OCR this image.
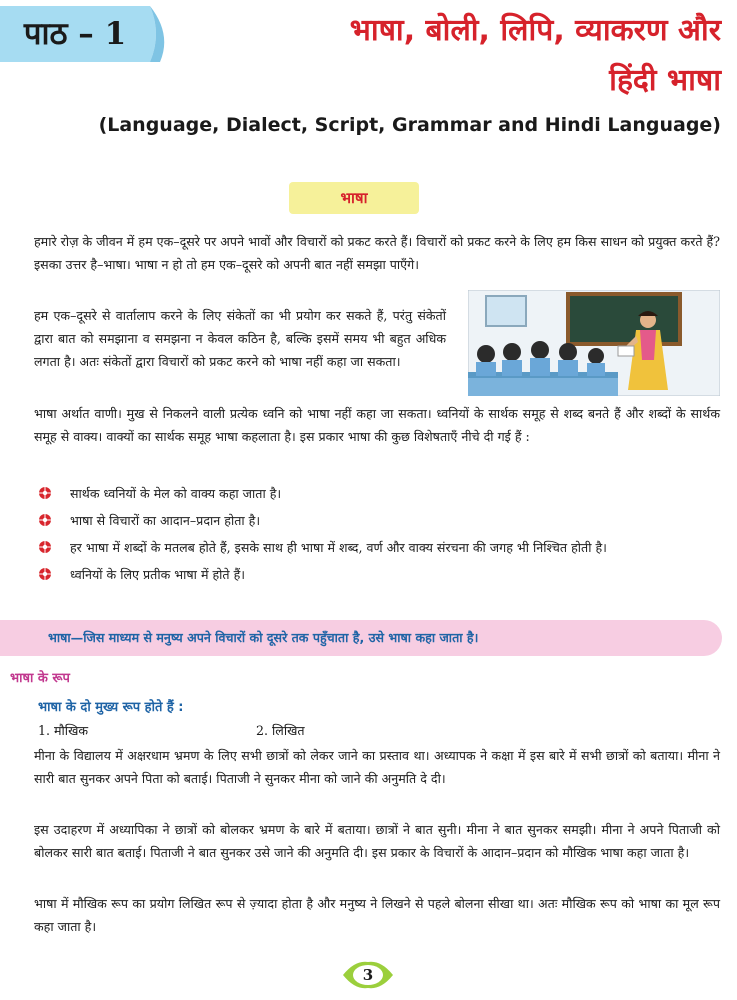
पाठ – 1	भाषा, बोली, लिपि, व्याकरण और
हिंदी भाषा
(Language, Dialect, Script, Grammar and Hindi Language)
भाषा

हमारे रोज़ के जीवन में हम एक–दूसरे पर अपने भावों और विचारों को प्रकट करते हैं। विचारों को प्रकट करने के लिए हम किस साधन को प्रयुक्त करते हैं? इसका उत्तर है–भाषा। भाषा न हो तो हम एक–दूसरे को अपनी बात नहीं समझा पाएँगे।

हम एक–दूसरे से वार्तालाप करने के लिए संकेतों का भी प्रयोग कर सकते हैं, परंतु संकेतों द्वारा बात को समझाना व समझना न केवल कठिन है, बल्कि इसमें समय भी बहुत अधिक लगता है। अतः संकेतों द्वारा विचारों को प्रकट करने को भाषा नहीं कहा जा सकता।

भाषा अर्थात वाणी। मुख से निकलने वाली प्रत्येक ध्वनि को भाषा नहीं कहा जा सकता। ध्वनियों के सार्थक समूह से शब्द बनते हैं और शब्दों के सार्थक समूह से वाक्य। वाक्यों का सार्थक समूह भाषा कहलाता है। इस प्रकार भाषा की कुछ विशेषताएँ नीचे दी गई हैं :

सार्थक ध्वनियों के मेल को वाक्य कहा जाता है।
भाषा से विचारों का आदान–प्रदान होता है।
हर भाषा में शब्दों के मतलब होते हैं, इसके साथ ही भाषा में शब्द, वर्ण और वाक्य संरचना की जगह भी निश्चित होती है।
ध्वनियों के लिए प्रतीक भाषा में होते हैं।
भाषा—जिस माध्यम से मनुष्य अपने विचारों को दूसरे तक पहुँचाता है, उसे भाषा कहा जाता है।
भाषा के रूप
भाषा के दो मुख्य रूप होते हैं :
1. मौखिक	2. लिखित

मीना के विद्यालय में अक्षरधाम भ्रमण के लिए सभी छात्रों को लेकर जाने का प्रस्ताव था। अध्यापक ने कक्षा में इस बारे में सभी छात्रों को बताया। मीना ने सारी बात सुनकर अपने पिता को बताई। पिताजी ने सुनकर मीना को जाने की अनुमति दे दी।

इस उदाहरण में अध्यापिका ने छात्रों को बोलकर भ्रमण के बारे में बताया। छात्रों ने बात सुनी। मीना ने बात सुनकर समझी। मीना ने अपने पिताजी को बोलकर सारी बात बताई। पिताजी ने बात सुनकर उसे जाने की अनुमति दी। इस प्रकार के विचारों के आदान–प्रदान को मौखिक भाषा कहा जाता है।

भाषा में मौखिक रूप का प्रयोग लिखित रूप से ज़्यादा होता है और मनुष्य ने लिखने से पहले बोलना सीखा था। अतः मौखिक रूप को भाषा का मूल रूप कहा जाता है।

3
